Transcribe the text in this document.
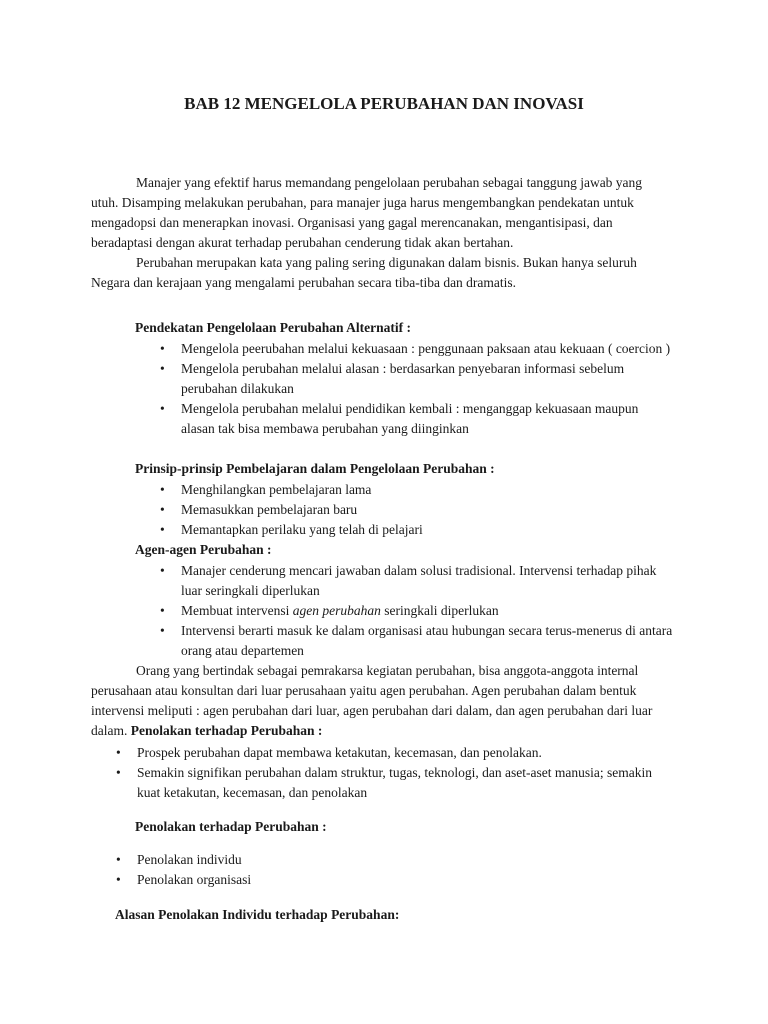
BAB 12 MENGELOLA PERUBAHAN DAN INOVASI

Manajer yang efektif harus memandang pengelolaan perubahan sebagai tanggung jawab yang utuh. Disamping melakukan perubahan, para manajer juga harus mengembangkan pendekatan untuk mengadopsi dan menerapkan inovasi. Organisasi yang gagal merencanakan, mengantisipasi, dan beradaptasi dengan akurat terhadap perubahan cenderung tidak akan bertahan.

Perubahan merupakan kata yang paling sering digunakan dalam bisnis. Bukan hanya seluruh Negara dan kerajaan yang mengalami perubahan secara tiba-tiba dan dramatis.

Pendekatan Pengelolaan Perubahan Alternatif :
• Mengelola peerubahan melalui kekuasaan : penggunaan paksaan atau kekuaan ( coercion )
• Mengelola perubahan melalui alasan : berdasarkan penyebaran informasi sebelum perubahan dilakukan
• Mengelola perubahan melalui pendidikan kembali : menganggap kekuasaan maupun alasan tak bisa membawa perubahan yang diinginkan
Prinsip-prinsip Pembelajaran dalam Pengelolaan Perubahan :
• Menghilangkan pembelajaran lama
• Memasukkan pembelajaran baru
• Memantapkan perilaku yang telah di pelajari
Agen-agen Perubahan :
• Manajer cenderung mencari jawaban dalam solusi tradisional. Intervensi terhadap pihak luar seringkali diperlukan
• Membuat intervensi agen perubahan seringkali diperlukan
• Intervensi berarti masuk ke dalam organisasi atau hubungan secara terus-menerus di antara orang atau departemen

Orang yang bertindak sebagai pemrakarsa kegiatan perubahan, bisa anggota-anggota internal perusahaan atau konsultan dari luar perusahaan yaitu agen perubahan. Agen perubahan dalam bentuk intervensi meliputi : agen perubahan dari luar, agen perubahan dari dalam, dan agen perubahan dari luar dalam. Penolakan terhadap Perubahan :

• Prospek perubahan dapat membawa ketakutan, kecemasan, dan penolakan.
• Semakin signifikan perubahan dalam struktur, tugas, teknologi, dan aset-aset manusia; semakin kuat ketakutan, kecemasan, dan penolakan
Penolakan terhadap Perubahan :
• Penolakan individu
• Penolakan organisasi
Alasan Penolakan Individu terhadap Perubahan:
